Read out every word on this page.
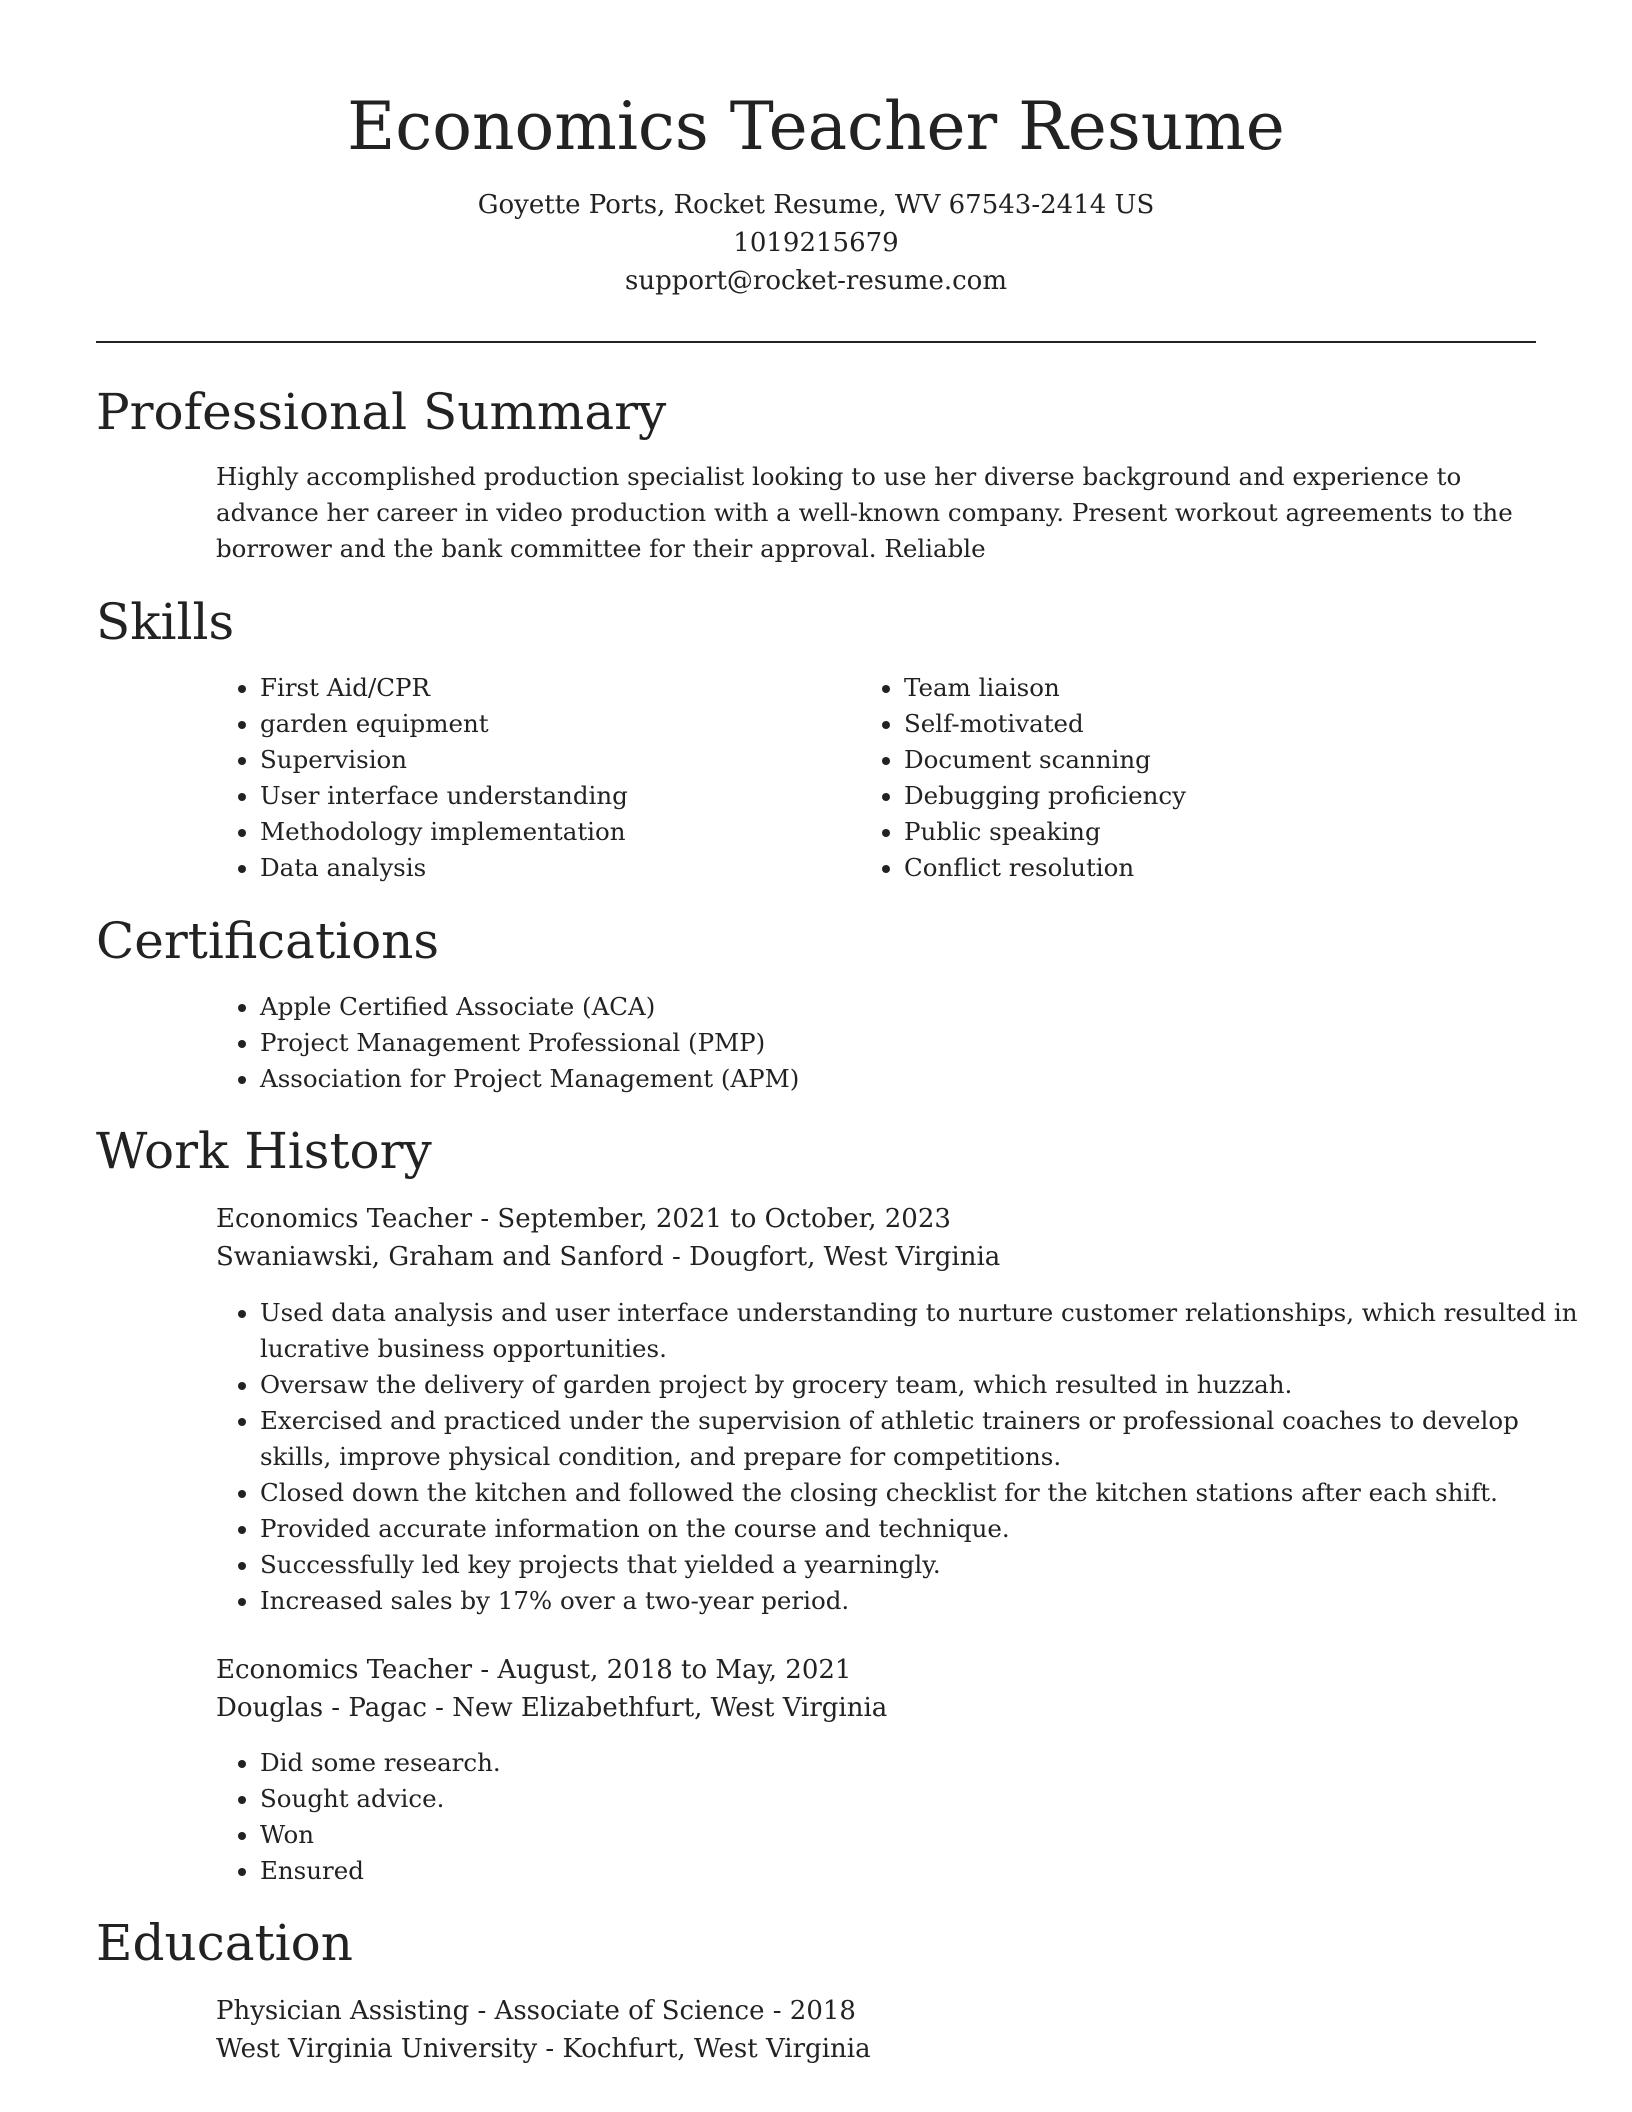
Economics Teacher Resume
Goyette Ports, Rocket Resume, WV 67543-2414 US
1019215679
support@rocket-resume.com
Professional Summary

Highly accomplished production specialist looking to use her diverse background and experience to advance her career in video production with a well-known company. Present workout agreements to the borrower and the bank committee for their approval. Reliable

Skills
• First Aid/CPR
• garden equipment
• Supervision
• User interface understanding
• Methodology implementation
• Data analysis
• Team liaison
• Self-motivated
• Document scanning
• Debugging proficiency
• Public speaking
• Conflict resolution
Certifications
• Apple Certified Associate (ACA)
• Project Management Professional (PMP)
• Association for Project Management (APM)
Work History
Economics Teacher - September, 2021 to October, 2023
Swaniawski, Graham and Sanford - Dougfort, West Virginia
• Used data analysis and user interface understanding to nurture customer relationships, which resulted in lucrative business opportunities.
• Oversaw the delivery of garden project by grocery team, which resulted in huzzah.
• Exercised and practiced under the supervision of athletic trainers or professional coaches to develop skills, improve physical condition, and prepare for competitions.
• Closed down the kitchen and followed the closing checklist for the kitchen stations after each shift.
• Provided accurate information on the course and technique.
• Successfully led key projects that yielded a yearningly.
• Increased sales by 17% over a two-year period.
Economics Teacher - August, 2018 to May, 2021
Douglas - Pagac - New Elizabethfurt, West Virginia
• Did some research.
• Sought advice.
• Won
• Ensured
Education
Physician Assisting - Associate of Science - 2018
West Virginia University - Kochfurt, West Virginia
